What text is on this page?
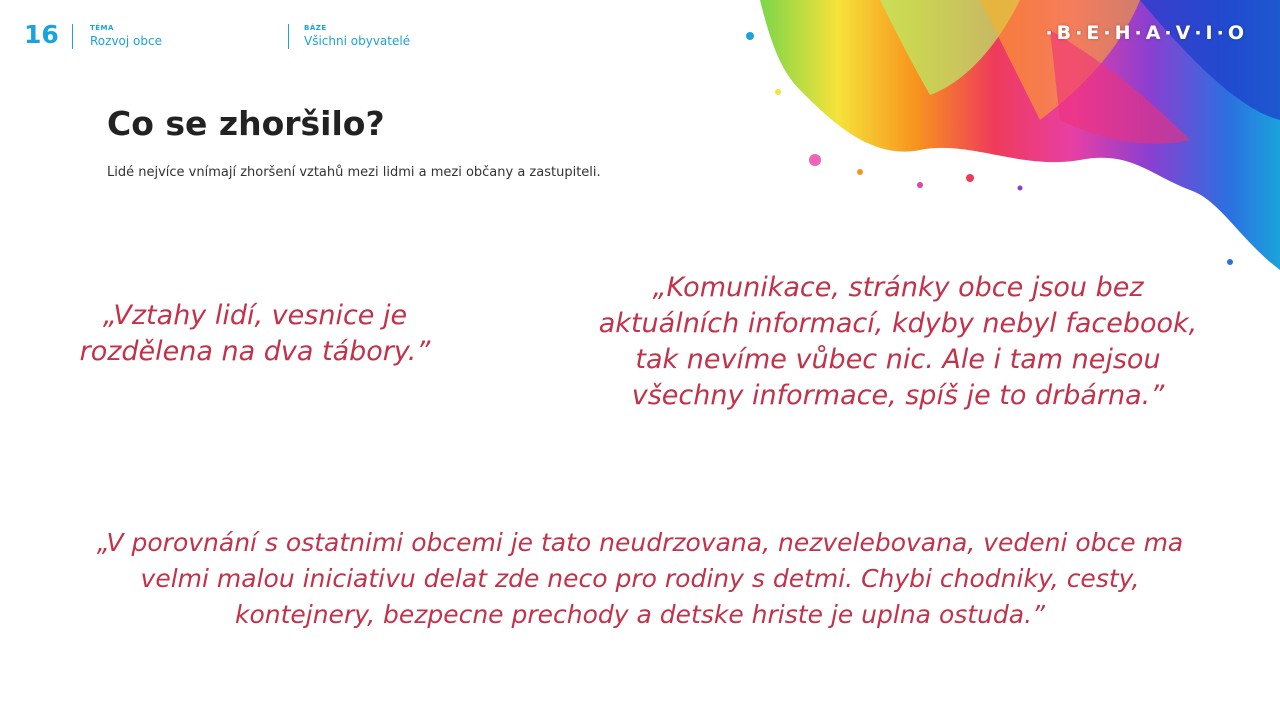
·B·E·H·A·V·I·O
16	TÉMA
Rozvoj obce
BÁZE
Všichni obyvatelé
Co se zhoršilo?

Lidé nejvíce vnímají zhoršení vztahů mezi lidmi a mezi občany a zastupiteli.

„Vztahy lidí, vesnice je rozdělena na dva tábory.”

„Komunikace, stránky obce jsou bez aktuálních informací, kdyby nebyl facebook, tak nevíme vůbec nic. Ale i tam nejsou všechny informace, spíš je to drbárna.”

„V porovnání s ostatnimi obcemi je tato neudrzovana, nezvelebovana, vedeni obce ma velmi malou iniciativu delat zde neco pro rodiny s detmi. Chybi chodniky, cesty, kontejnery, bezpecne prechody a detske hriste je uplna ostuda.”
